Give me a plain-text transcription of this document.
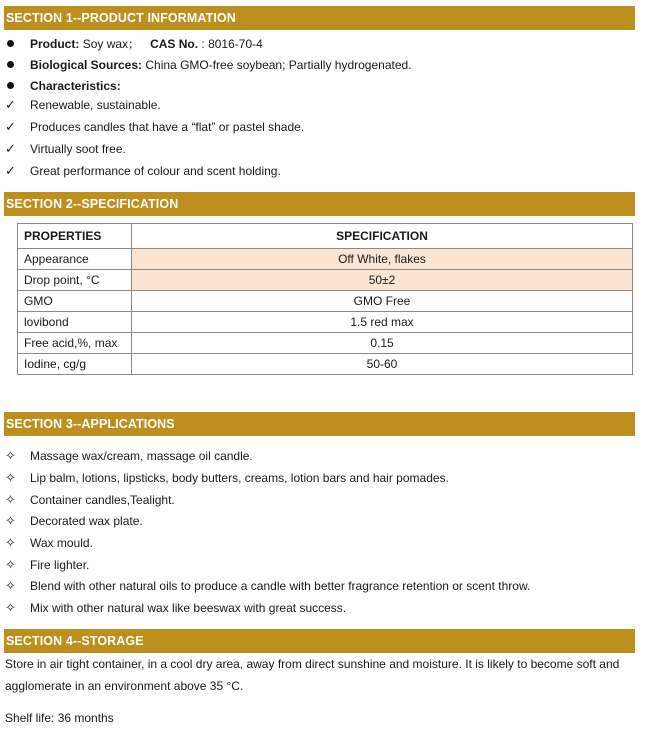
SECTION 1--PRODUCT INFORMATION
Product: Soy wax； CAS No. : 8016-70-4
Biological Sources: China GMO-free soybean; Partially hydrogenated.
Characteristics:
✓ Renewable, sustainable.
✓ Produces candles that have a “flat” or pastel shade.
✓ Virtually soot free.
✓ Great performance of colour and scent holding.
SECTION 2--SPECIFICATION
PROPERTIES	SPECIFICATION
Appearance	Off White, flakes
Drop point, °C	50±2
GMO	GMO Free
lovibond	1.5 red max
Free acid,%, max	0.15
Iodine, cg/g	50-60
SECTION 3--APPLICATIONS
✧ Massage wax/cream, massage oil candle.
✧ Lip balm, lotions, lipsticks, body butters, creams, lotion bars and hair pomades.
✧ Container candles,Tealight.
✧ Decorated wax plate.
✧ Wax mould.
✧ Fire lighter.
✧ Blend with other natural oils to produce a candle with better fragrance retention or scent throw.
✧ Mix with other natural wax like beeswax with great success.
SECTION 4--STORAGE
Store in air tight container, in a cool dry area, away from direct sunshine and moisture. It is likely to become soft and agglomerate in an environment above 35 °C.
Shelf life: 36 months
